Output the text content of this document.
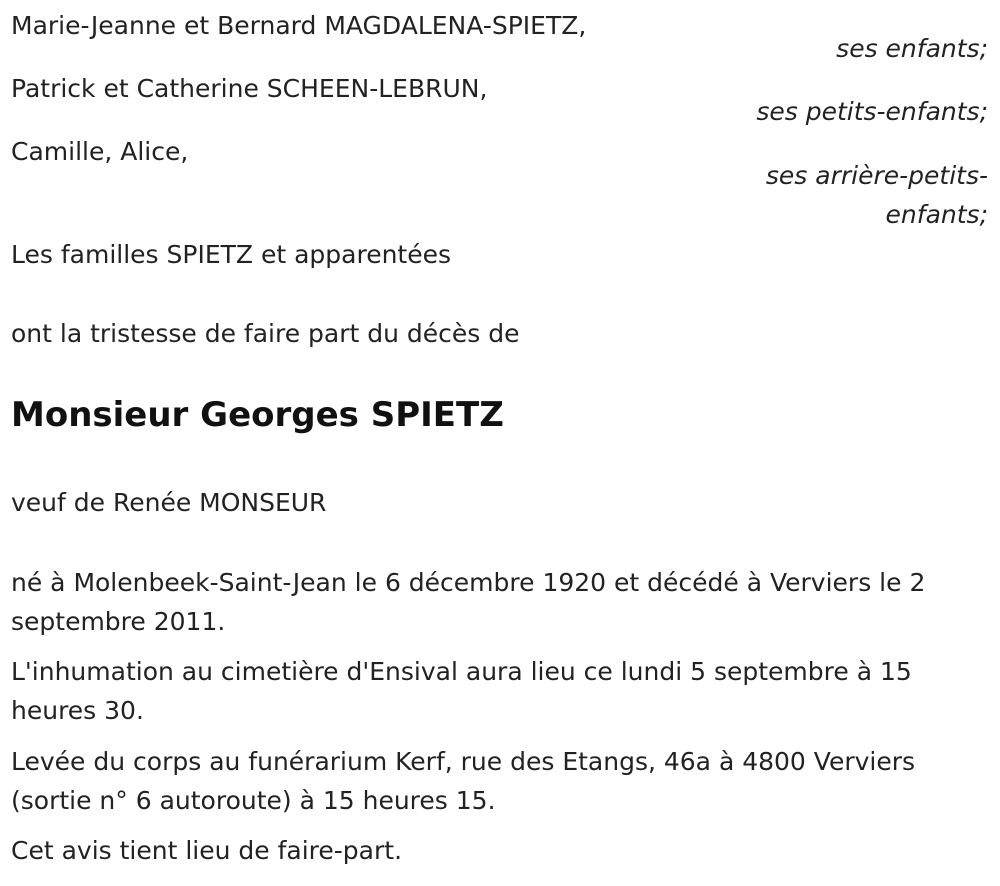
Marie-Jeanne et Bernard MAGDALENA-SPIETZ,
ses enfants;
Patrick et Catherine SCHEEN-LEBRUN,
ses petits-enfants;
Camille, Alice,
ses arrière-petits-
enfants;
Les familles SPIETZ et apparentées
ont la tristesse de faire part du décès de
Monsieur Georges SPIETZ
veuf de Renée MONSEUR
né à Molenbeek-Saint-Jean le 6 décembre 1920 et décédé à Verviers le 2
septembre 2011.
L'inhumation au cimetière d'Ensival aura lieu ce lundi 5 septembre à 15
heures 30.
Levée du corps au funérarium Kerf, rue des Etangs, 46a à 4800 Verviers
(sortie n° 6 autoroute) à 15 heures 15.
Cet avis tient lieu de faire-part.
